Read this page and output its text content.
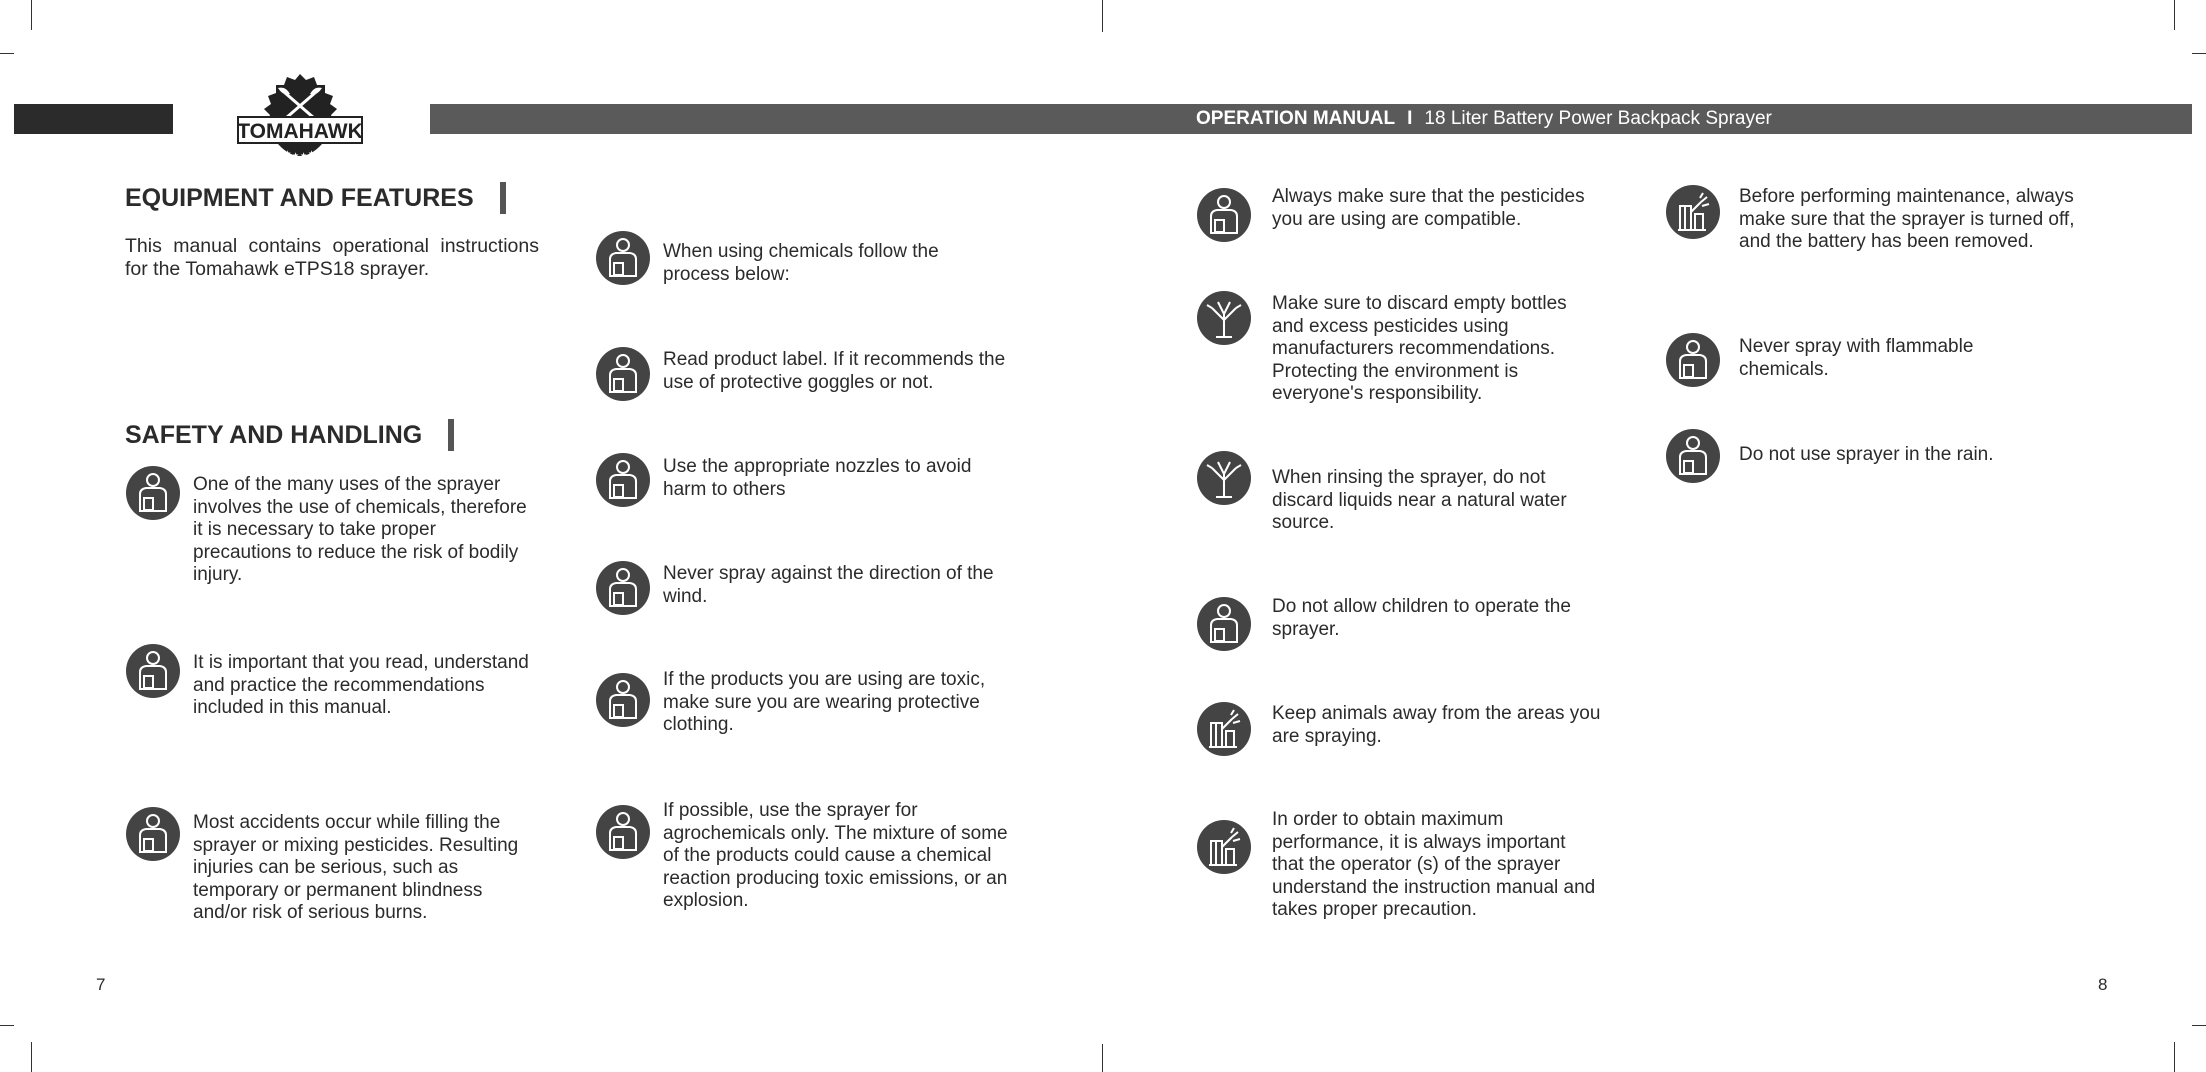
OPERATION MANUAL I 18 Liter Battery Power Backpack Sprayer
TOMAHAWK
★ ★ ★ ★
EQUIPMENT AND FEATURES
This manual contains operational instructions for the Tomahawk eTPS18 sprayer.
SAFETY AND HANDLING
One of the many uses of the sprayer involves the use of chemicals, therefore it is necessary to take proper precautions to reduce the risk of bodily injury.
It is important that you read, understand and practice the recommendations included in this manual.
Most accidents occur while filling the sprayer or mixing pesticides. Resulting injuries can be serious, such as temporary or permanent blindness and/or risk of serious burns.
When using chemicals follow the process below:
Read product label. If it recommends the use of protective goggles or not.
Use the appropriate nozzles to avoid harm to others
Never spray against the direction of the wind.
If the products you are using are toxic, make sure you are wearing protective clothing.
If possible, use the sprayer for agrochemicals only. The mixture of some of the products could cause a chemical reaction producing toxic emissions, or an explosion.
Always make sure that the pesticides you are using are compatible.
Make sure to discard empty bottles and excess pesticides using manufacturers recommendations. Protecting the environment is everyone's responsibility.
When rinsing the sprayer, do not discard liquids near a natural water source.
Do not allow children to operate the sprayer.
Keep animals away from the areas you are spraying.
In order to obtain maximum performance, it is always important that the operator (s) of the sprayer understand the instruction manual and takes proper precaution.
Before performing maintenance, always make sure that the sprayer is turned off, and the battery has been removed.
Never spray with flammable chemicals.
Do not use sprayer in the rain.
7	8
